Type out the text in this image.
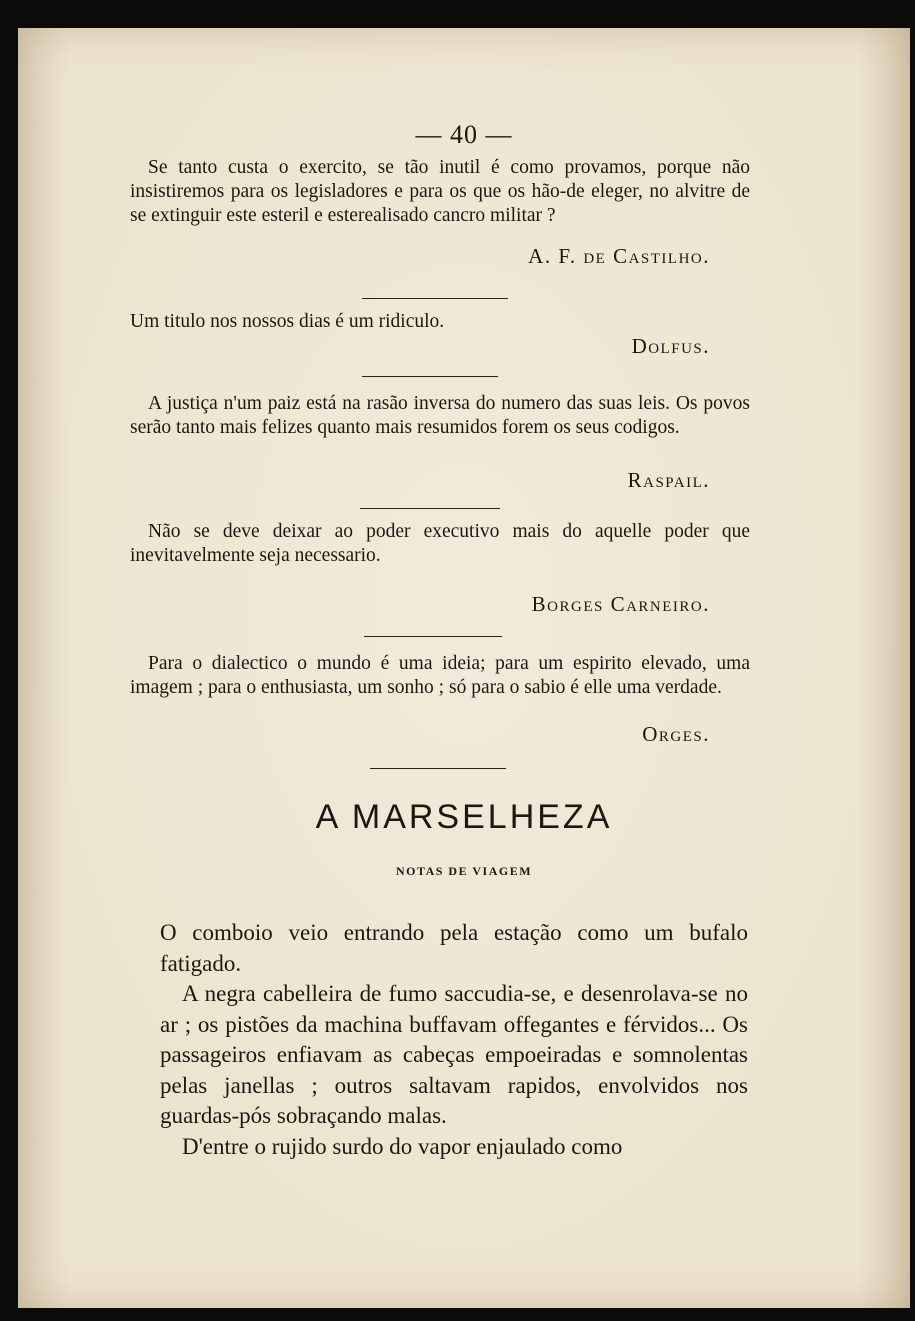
— 40 —
Se tanto custa o exercito, se tão inutil é como provamos, porque não insistiremos para os legisladores e para os que os hão-de eleger, no alvitre de se extinguir este esteril e esterealisado cancro militar ?
A. F. de Castilho.
Um titulo nos nossos dias é um ridiculo.
Dolfus.
A justiça n'um paiz está na rasão inversa do numero das suas leis. Os povos serão tanto mais felizes quanto mais resumidos forem os seus codigos.
Raspail.
Não se deve deixar ao poder executivo mais do aquelle poder que inevitavelmente seja necessario.
Borges Carneiro.
Para o dialectico o mundo é uma ideia; para um espirito elevado, uma imagem ; para o enthusiasta, um sonho ; só para o sabio é elle uma verdade.
Orges.
A MARSELHEZA
NOTAS DE VIAGEM

O comboio veio entrando pela estação como um bufalo fatigado.

A negra cabelleira de fumo saccudia-se, e desenrolava-se no ar ; os pistões da machina buffavam offegantes e férvidos... Os passageiros enfiavam as cabeças empoeiradas e somnolentas pelas janellas ; outros saltavam rapidos, envolvidos nos guardas-pós sobraçando malas.

D'entre o rujido surdo do vapor enjaulado como
